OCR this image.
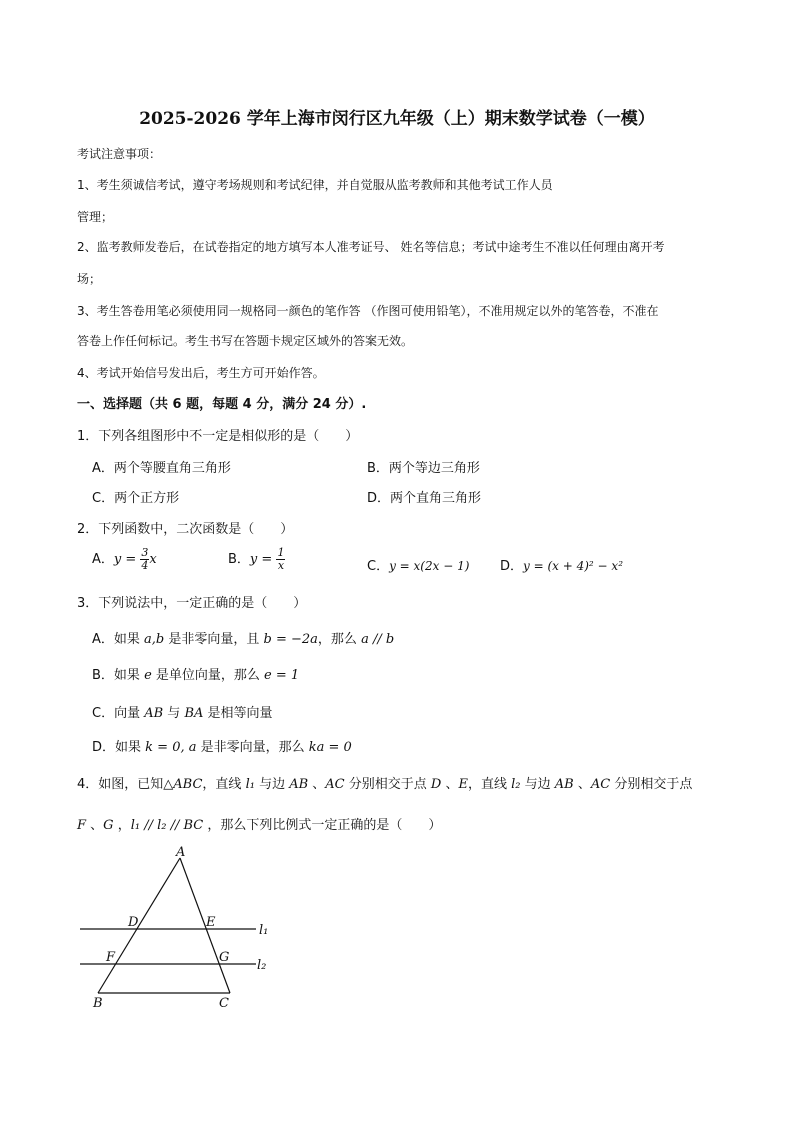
2025-2026 学年上海市闵行区九年级（上）期末数学试卷（一模）
考试注意事项：
1、考生须诚信考试，遵守考场规则和考试纪律，并自觉服从监考教师和其他考试工作人员
管理；
2、监考教师发卷后，在试卷指定的地方填写本人准考证号、 姓名等信息；考试中途考生不准以任何理由离开考
场；
3、考生答卷用笔必须使用同一规格同一颜色的笔作答 （作图可使用铅笔），不准用规定以外的笔答卷，不准在
答卷上作任何标记。考生书写在答题卡规定区域外的答案无效。
4、考试开始信号发出后，考生方可开始作答。
一、选择题（共 6 题，每题 4 分，满分 24 分）.
1．下列各组图形中不一定是相似形的是（　　）
A．两个等腰直角三角形	B．两个等边三角形
C．两个正方形	D．两个直角三角形
2．下列函数中，二次函数是（　　）
A．$y = \frac{3}{4}$ x	B．$y = \frac{1}{x}$	C．y = x(2x − 1) D．y = (x + 4)² − x²
3．下列说法中，一定正确的是（　　）
A．如果 a,b 是非零向量，且 b = −2a，那么 a // b
B．如果 e 是单位向量，那么 e = 1
C．向量 AB 与 BA 是相等向量
D．如果 k = 0, a 是非零向量，那么 ka = 0
4．如图，已知△ABC，直线 l₁ 与边 AB 、AC 分别相交于点 D 、E，直线 l₂ 与边 AB 、AC 分别相交于点
F 、G ，l₁ // l₂ // BC ，那么下列比例式一定正确的是（　　）
A
D	E
F	G
B	C
l₁
l₂
